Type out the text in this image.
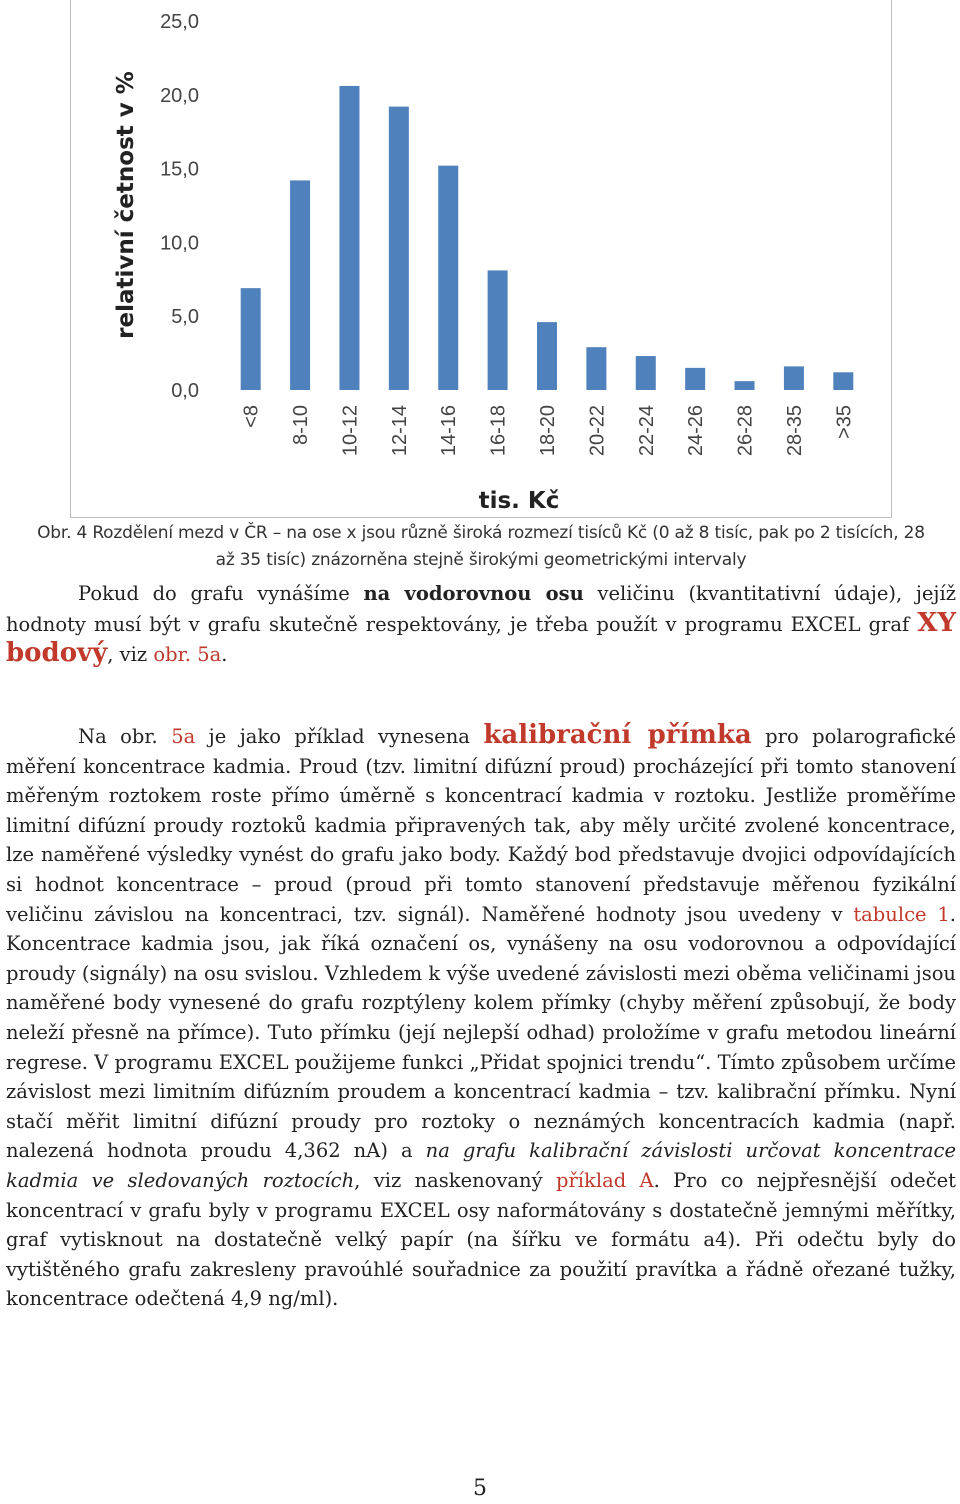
0,0
5,0
10,0
15,0
20,0
25,0
<8 8-10 10-12 12-14 14-16 16-18 18-20 20-22 22-24 24-26 26-28 28-35 >35
relativní četnost v %
tis. Kč
Obr. 4 Rozdělení mezd v ČR – na ose x jsou různě široká rozmezí tisíců Kč (0 až 8 tisíc, pak po 2 tisících, 28
až 35 tisíc) znázorněna stejně širokými geometrickými intervaly

Pokud do grafu vynášíme na vodorovnou osu veličinu (kvantitativní údaje), jejíž hodnoty musí být v grafu skutečně respektovány, je třeba použít v programu EXCEL graf XY bodový, viz obr. 5a.

Na obr. 5a je jako příklad vynesena kalibrační přímka pro polarografické měření koncentrace kadmia. Proud (tzv. limitní difúzní proud) procházející při tomto stanovení měřeným roztokem roste přímo úměrně s koncentrací kadmia v roztoku. Jestliže proměříme limitní difúzní proudy roztoků kadmia připravených tak, aby měly určité zvolené koncentrace, lze naměřené výsledky vynést do grafu jako body. Každý bod představuje dvojici odpovídajících si hodnot koncentrace – proud (proud při tomto stanovení představuje měřenou fyzikální veličinu závislou na koncentraci, tzv. signál). Naměřené hodnoty jsou uvedeny v tabulce 1. Koncentrace kadmia jsou, jak říká označení os, vynášeny na osu vodorovnou a odpovídající proudy (signály) na osu svislou. Vzhledem k výše uvedené závislosti mezi oběma veličinami jsou naměřené body vynesené do grafu rozptýleny kolem přímky (chyby měření způsobují, že body neleží přesně na přímce). Tuto přímku (její nejlepší odhad) proložíme v grafu metodou lineární regrese. V programu EXCEL použijeme funkci „Přidat spojnici trendu“. Tímto způsobem určíme závislost mezi limitním difúzním proudem a koncentrací kadmia – tzv. kalibrační přímku. Nyní stačí měřit limitní difúzní proudy pro roztoky o neznámých koncentracích kadmia (např. nalezená hodnota proudu 4,362 nA) a na grafu kalibrační závislosti určovat koncentrace kadmia ve sledovaných roztocích, viz naskenovaný příklad A. Pro co nejpřesnější odečet koncentrací v grafu byly v programu EXCEL osy naformátovány s dostatečně jemnými měřítky, graf vytisknout na dostatečně velký papír (na šířku ve formátu a4). Při odečtu byly do vytištěného grafu zakresleny pravoúhlé souřadnice za použití pravítka a řádně ořezané tužky, koncentrace odečtená 4,9 ng/ml).

5
